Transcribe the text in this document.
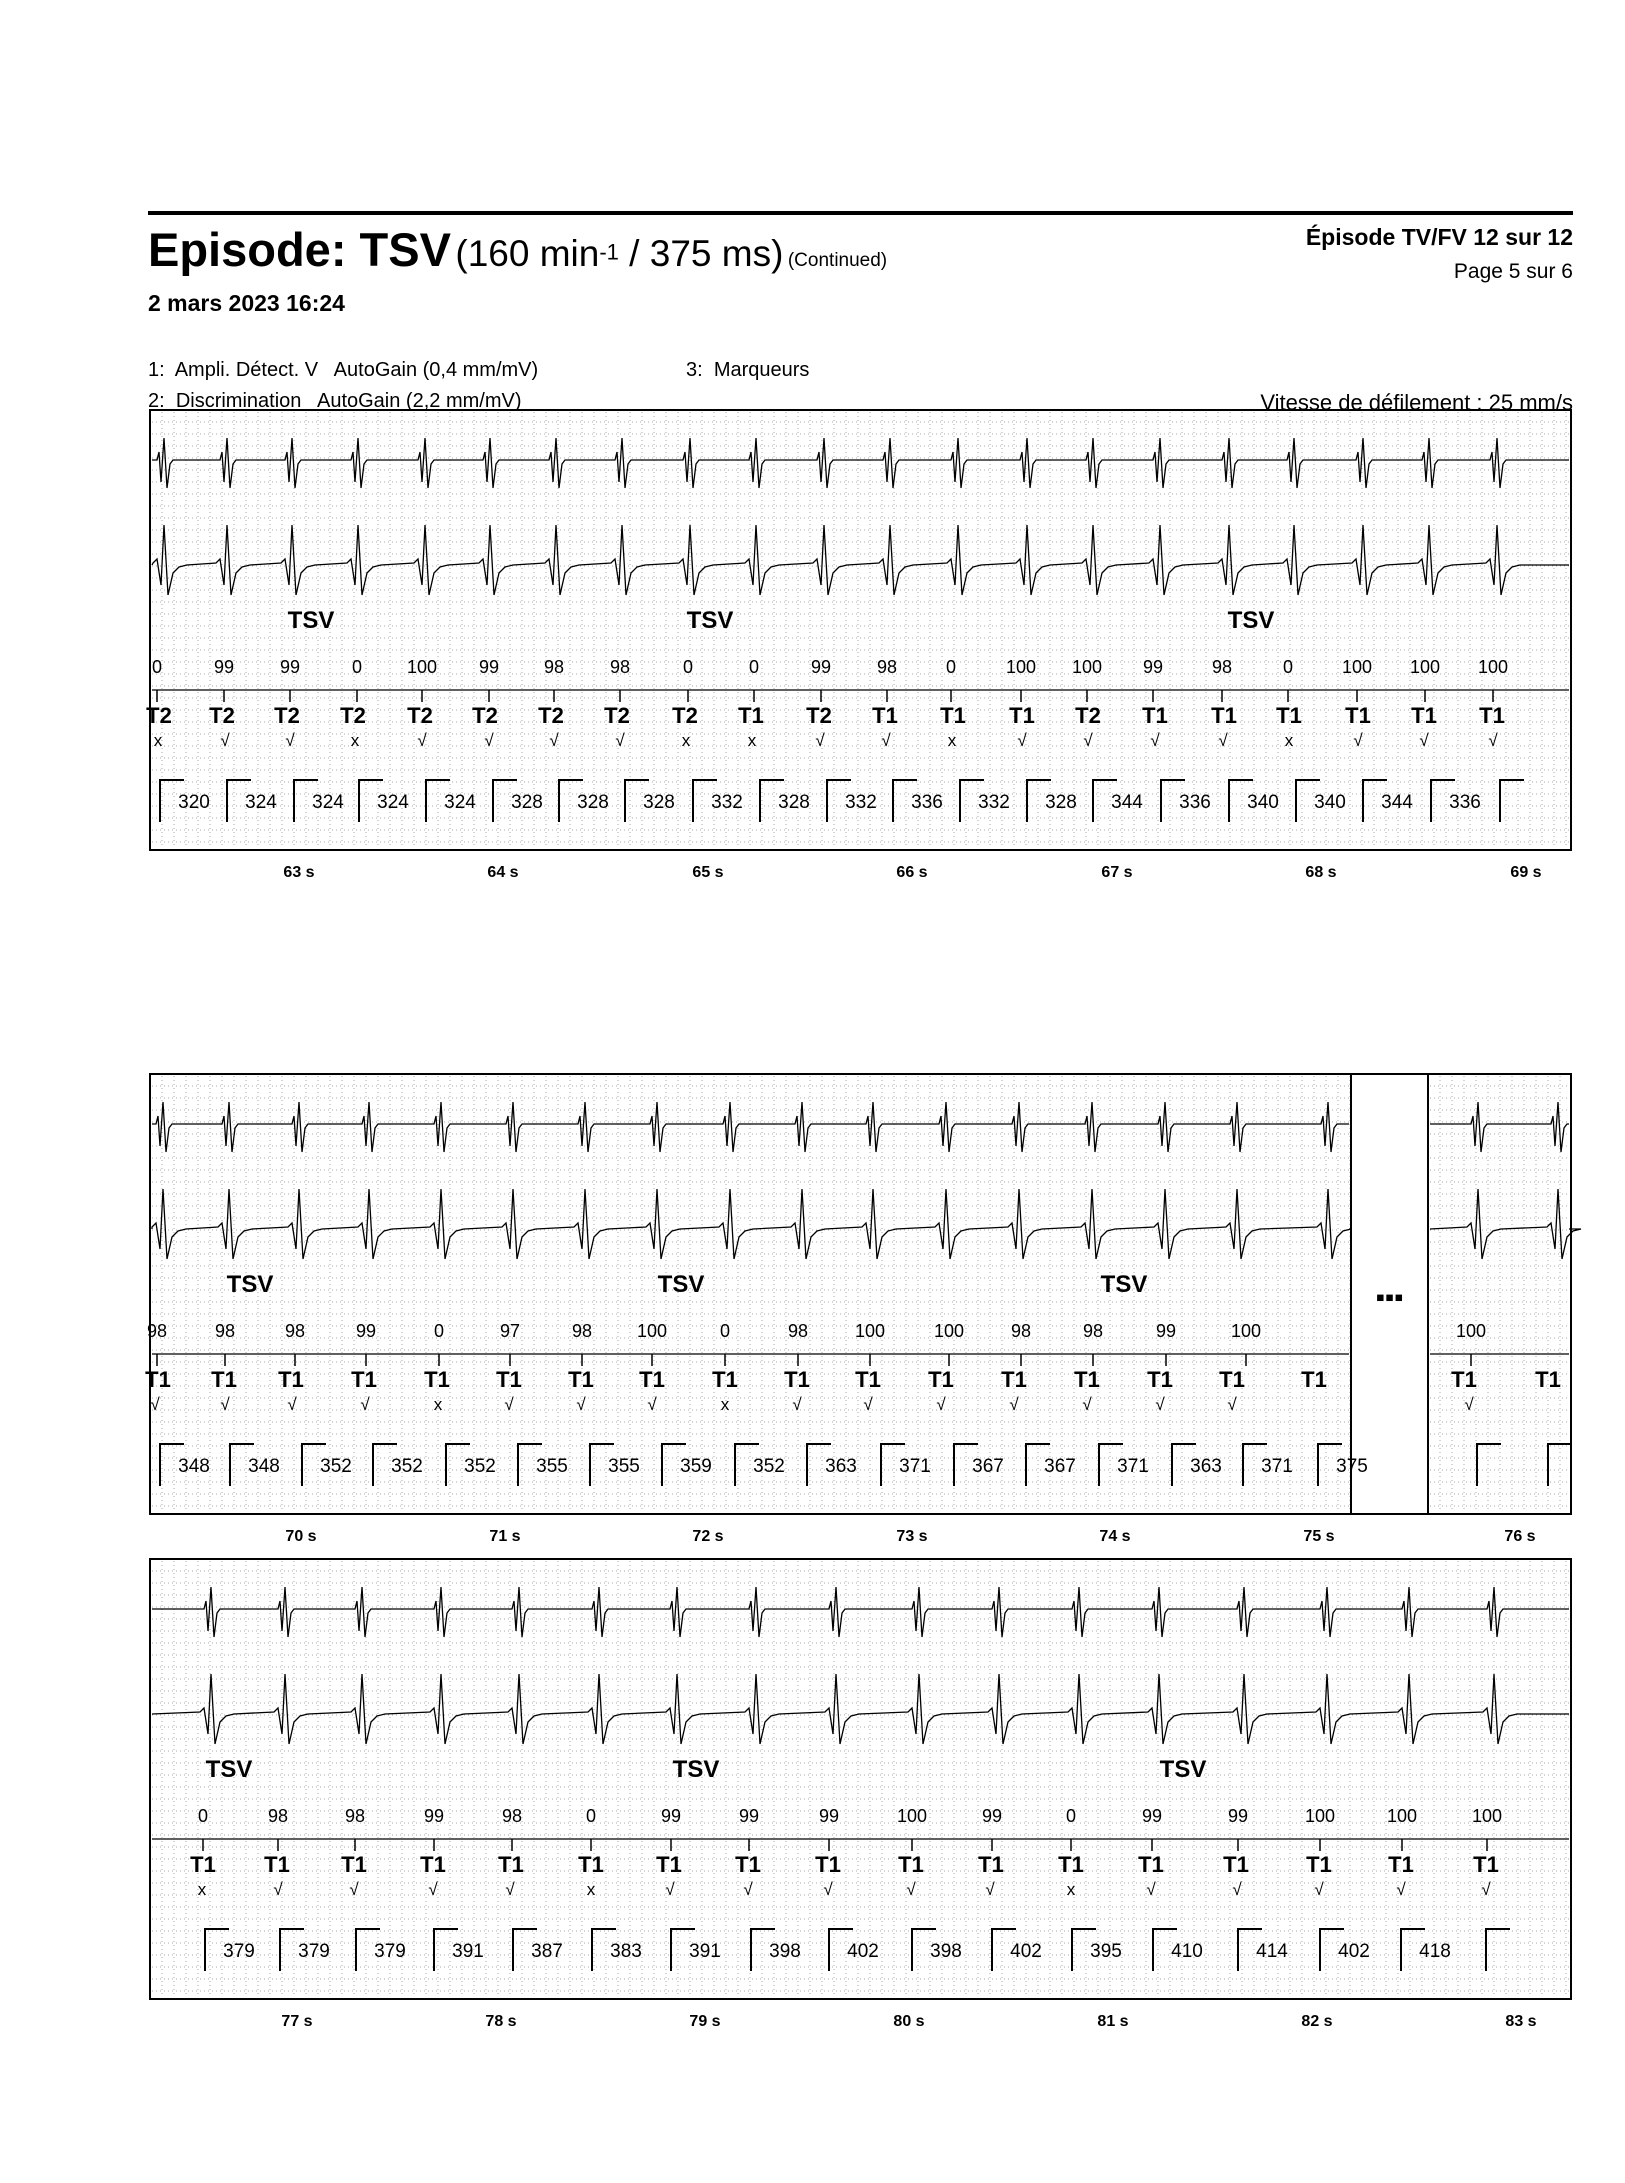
Episode: TSV (160 $\min^{-1} / 375$ ms) (Continued)
2 mars 2023 16:24
Épisode TV/FV 12 sur 12
Page 5 sur 6
1: Ampli. Détect. V AutoGain (0,4 mm/mV)
2: Discrimination AutoGain (2,2 mm/mV)
3: Marqueurs
Vitesse de défilement : 25 mm/s
0	99	99	0 100 99 98	98	0	0	99	98	0	100 100 99	98	0	100 100 100
T2 T2 T2 T2 T2 T2 T2 T2 T2 T1 T2 T1 T1 T1 T2 T1 T1 T1 T1 T1 T1
x	√	√	x	√	√	√	√	x	x	√	√	x	√	√	√	√	x	√	√	√
320 324 324 324 324 328 328 328 332 328 332 336 332 328 344 336 340 340 344 336
TSV	TSV	TSV
63 s	64 s	65 s	66 s	67 s	68 s	69 s
▪▪▪
98	98	98	99	0	97	98 100	0	98	100	100	98	98	99	100	100
T1 T1 T1 T1 T1 T1 T1 T1 T1 T1 T1 T1 T1 T1 T1 T1	T1	T1	T1
√	√	√	√	x	√	√	√	x	√	√	√	√	√	√	√	√
348 348 352 352 352 355 355 359 352 363 371 367 367 371 363 371 375
TSV	TSV	TSV
70 s	71 s	72 s	73 s	74 s	75 s	76 s
0	98	98	99	98	0	99	99	99	100	99	0	99	99	100	100	100
T1 T1 T1 T1 T1 T1 T1 T1 T1	T1 T1 T1 T1	T1	T1	T1	T1
x	√	√	√	√	x	√	√	√	√	√	x	√	√	√	√	√
379 379 379 391 387 383 391	398 402	398	402	395	410	414	402	418
TSV	TSV	TSV
77 s	78 s	79 s	80 s	81 s	82 s	83 s
